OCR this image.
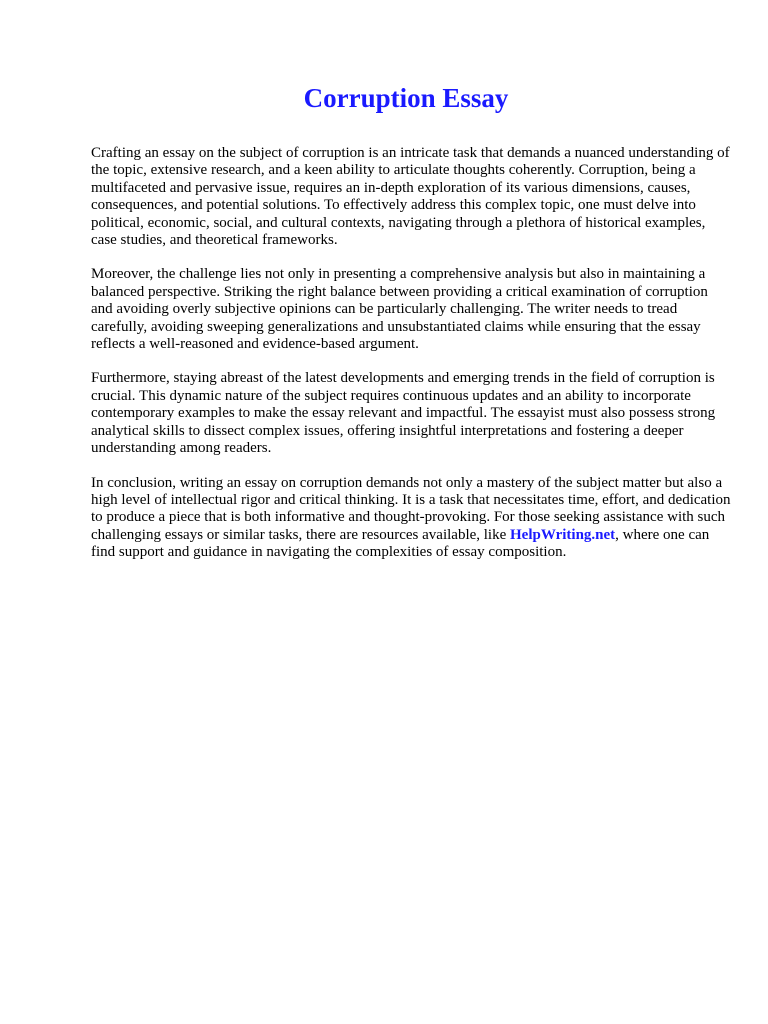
Corruption Essay

Crafting an essay on the subject of corruption is an intricate task that demands a nuanced understanding of the topic, extensive research, and a keen ability to articulate thoughts coherently. Corruption, being a multifaceted and pervasive issue, requires an in-depth exploration of its various dimensions, causes, consequences, and potential solutions. To effectively address this complex topic, one must delve into political, economic, social, and cultural contexts, navigating through a plethora of historical examples, case studies, and theoretical frameworks.

Moreover, the challenge lies not only in presenting a comprehensive analysis but also in maintaining a balanced perspective. Striking the right balance between providing a critical examination of corruption and avoiding overly subjective opinions can be particularly challenging. The writer needs to tread carefully, avoiding sweeping generalizations and unsubstantiated claims while ensuring that the essay reflects a well-reasoned and evidence-based argument.

Furthermore, staying abreast of the latest developments and emerging trends in the field of corruption is crucial. This dynamic nature of the subject requires continuous updates and an ability to incorporate contemporary examples to make the essay relevant and impactful. The essayist must also possess strong analytical skills to dissect complex issues, offering insightful interpretations and fostering a deeper understanding among readers.

In conclusion, writing an essay on corruption demands not only a mastery of the subject matter but also a high level of intellectual rigor and critical thinking. It is a task that necessitates time, effort, and dedication to produce a piece that is both informative and thought-provoking. For those seeking assistance with such challenging essays or similar tasks, there are resources available, like HelpWriting.net, where one can find support and guidance in navigating the complexities of essay composition.
